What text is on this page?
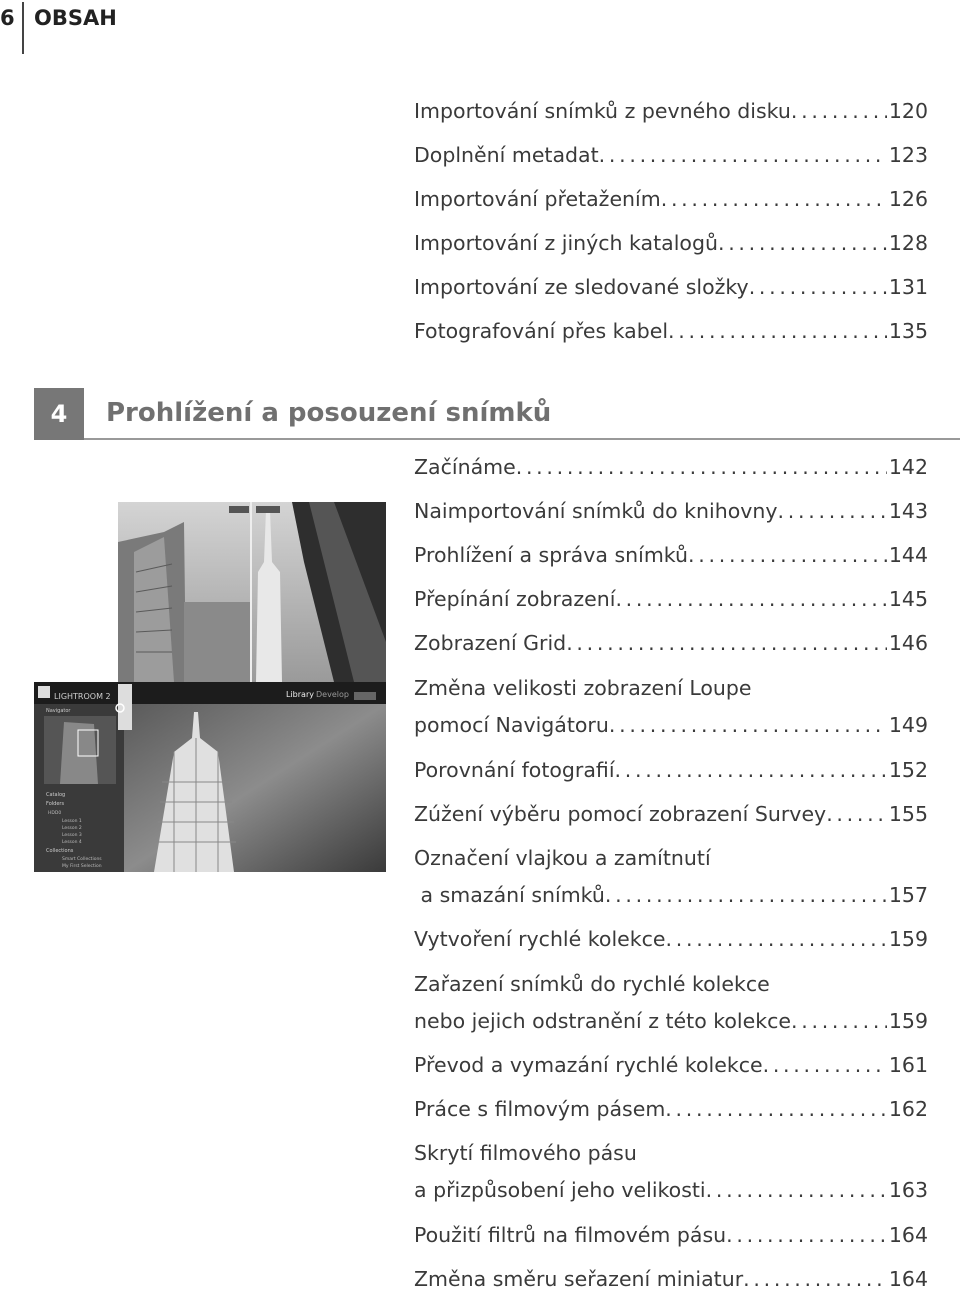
6 OBSAH
Importování snímků z pevného disku . . .	120
Doplnění metadat . . .	123
Importování přetažením . . .	126
Importování z jiných katalogů . . .	128
Importování ze sledované složky . . .	131
Fotografování přes kabel . . .	135
4	Prohlížení a posouzení snímků
LIGHTROOM 2	Library Develop
Navigator
Catalog
Folders
HDD0
Lesson 1
Lesson 2
Lesson 3
Lesson 4
Collections
Smart Collections
My First Selection
Začínáme . . .	142
Naimportování snímků do knihovny . . .	143
Prohlížení a správa snímků . . .	144
Přepínání zobrazení . . .	145
Zobrazení Grid . . .	146
Změna velikosti zobrazení Loupe
pomocí Navigátoru . . .	149
Porovnání fotografií . . .	152
Zúžení výběru pomocí zobrazení Survey . . .	155
Označení vlajkou a zamítnutí
a smazání snímků . . .	157
Vytvoření rychlé kolekce . . .	159
Zařazení snímků do rychlé kolekce
nebo jejich odstranění z této kolekce . . .	159
Převod a vymazání rychlé kolekce . . .	161
Práce s filmovým pásem . . .	162
Skrytí filmového pásu
a přizpůsobení jeho velikosti . . .	163
Použití filtrů na filmovém pásu . . .	164
Změna směru seřazení miniatur . . .	164
